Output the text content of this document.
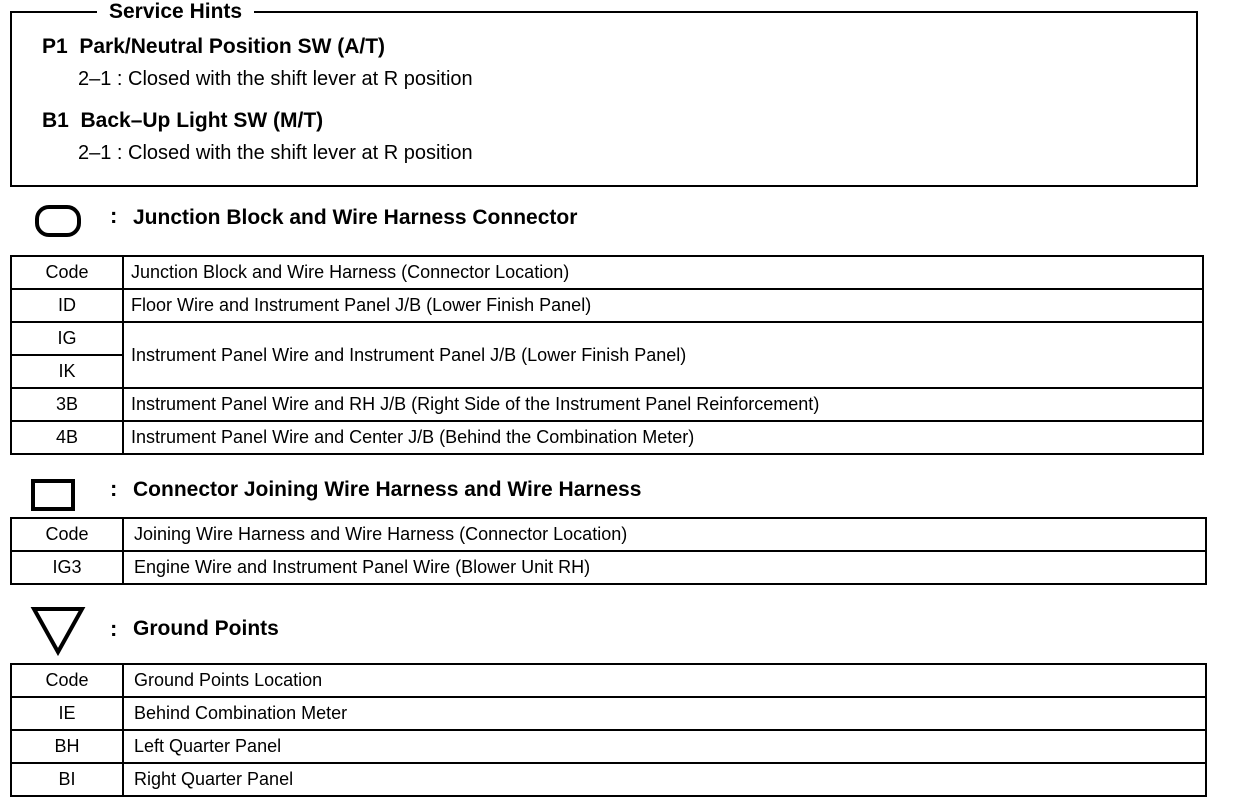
Service Hints
P1  Park/Neutral Position SW (A/T)
2–1 : Closed with the shift lever at R position
B1  Back–Up Light SW (M/T)
2–1 : Closed with the shift lever at R position
: Junction Block and Wire Harness Connector
Code	Junction Block and Wire Harness (Connector Location)
ID	Floor Wire and Instrument Panel J/B (Lower Finish Panel)
IG	Instrument Panel Wire and Instrument Panel J/B (Lower Finish Panel)
IK	
3B	Instrument Panel Wire and RH J/B (Right Side of the Instrument Panel Reinforcement)
4B	Instrument Panel Wire and Center J/B (Behind the Combination Meter)
: Connector Joining Wire Harness and Wire Harness
Code	Joining Wire Harness and Wire Harness (Connector Location)
IG3	Engine Wire and Instrument Panel Wire (Blower Unit RH)
: Ground Points
Code	Ground Points Location
IE	Behind Combination Meter
BH	Left Quarter Panel
BI	Right Quarter Panel
